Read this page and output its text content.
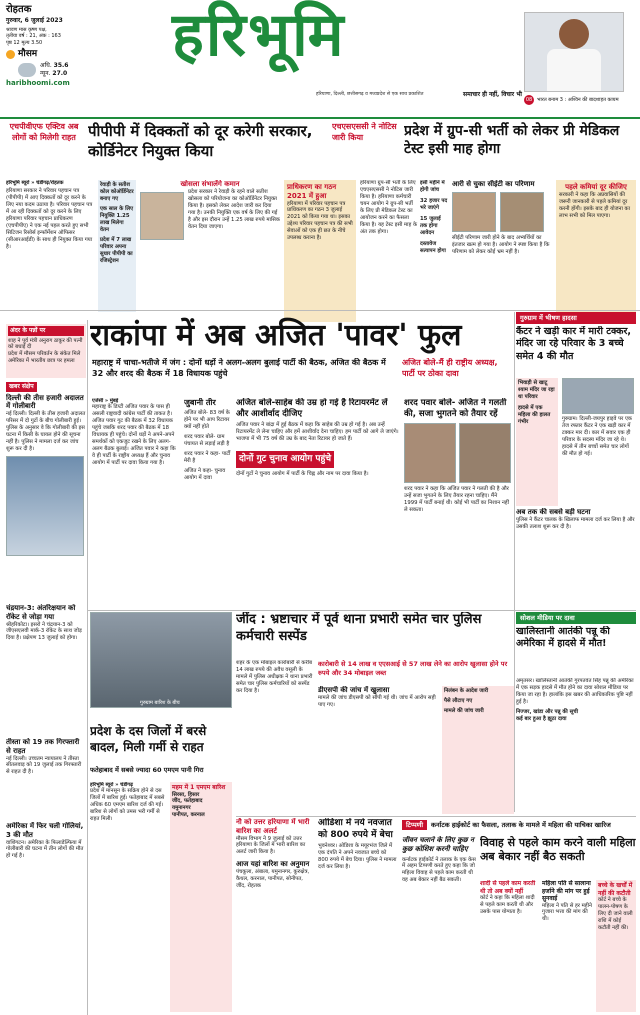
रोहतक
गुरुवार, 6 जुलाई 2023
श्रावण मास कृष्ण पक्ष,
तृतीया वर्ष : 21, अंक : 163
पृष्ठ 12 मूल्य 3.50
मौसम
अधि. 35.6
न्यून. 27.0
haribhoomi.com
हरिभूमि
हरियाणा, दिल्ली, छत्तीसगढ़ व मध्यप्रदेश से एक साथ प्रकाशित	समाचार ही नहीं, विचार भी
08 भारत बनाम 3 : अश्विन की बादशाहत कायम
एचपीवीएफ एक्टिव अब लोगों को मिलेगी राहत पीपीपी में दिक्कतों को दूर करेगी सरकार, कोर्डिनेटर नियुक्त किया
हरिभूमि ब्यूरो » चंडीगढ़/रोहतक
हरियाणा सरकार ने परिवार पहचान पत्र (पीपीपी) में आए दिक्कतों को दूर करने के लिए नया कदम उठाया है। परिवार पहचान पत्र में आ रही दिक्कतों को दूर करने के लिए हरियाणा परिवार पहचान प्राधिकरण (एचपीपीए) ने एक नई पहल करते हुए सभी सिटिजन रिसोर्स इन्फॉर्मेशन ऑफिसर (सीआरआईडी) के साथ ही नियुक्त किया गया है।
रेवाड़ी के सतीश कोल कोऑर्डिनेटर बनाए गए
एक साल के लिए नियुक्ति 1.25 लाख मिलेगा वेतन
प्रदेश में 7 लाख परिवार अपना सुधार पीपीपी का रजिस्ट्रेशन
खोसला संभालेंगे कमान
प्रदेश सरकार ने रेवाड़ी के रहने वाले सतीश खोसला को परियोजना का कोऑर्डिनेटर नियुक्त किया है। इसको लेकर आदेश जारी कर दिया गया है। उनकी नियुक्ति एक वर्ष के लिए की गई है और इस दौरान उन्हें 1.25 लाख रुपये मासिक वेतन दिया जाएगा।
प्राधिकरण का गठन 2021 में हुआ
हरियाणा में परिवार पहचान पत्र प्राधिकरण का गठन 3 जुलाई 2021 को किया गया था। इसका उद्देश्य परिवार पहचान पत्र की सभी सेवाओं को एक ही छत के नीचे उपलब्ध कराना है।
एचएसएससी ने नोटिस जारी किया	प्रदेश में ग्रुप-सी भर्ती को लेकर प्री मेडिकल टेस्ट इसी माह होगा
हरियाणा ग्रुप-सी भर्ती के लिए एचएसएससी ने नोटिस जारी किया है। हरियाणा कर्मचारी चयन आयोग ने ग्रुप-सी भर्ती के लिए प्री मेडिकल टेस्ट का आयोजन करने का फैसला किया है। यह टेस्ट इसी माह के अंत तक होगा।
इसी महीने में होगी जांच
32 हजार पद भरे जाएंगे
15 जुलाई तक होगा आवेदन
दस्तावेज सत्यापन होगा
आरी से चुका सीईटी का परिणाम
सीईटी परिणाम जारी होने के बाद अभ्यर्थियों का इंतजार खत्म हो गया है। आयोग ने स्पष्ट किया है कि परिणाम को लेकर कोई भ्रम नहीं है।
पहले कमियां दूर कीजिए
सरकारी ने कहा कि अप्रवासियों की जरूरी जानकारी से पहले कमियां दूर करनी होंगी। इसके बाद ही योजना का लाभ सभी को मिल पाएगा।
अंदर के पन्नों पर
शाह ने पूर्व मंत्री अनुराग ठाकुर की पत्नी को बधाई दी
प्रदेश में मौसम परिवर्तन के संकेत मिले
अमेरिका में भारतीय छात्र पर हमला
खबर संक्षेप
दिल्ली की तीस हजारी अदालत में गोलीबारी
नई दिल्ली। दिल्ली के तीस हजारी अदालत परिसर में दो गुटों के बीच गोलीबारी हुई। पुलिस के अनुसार वे कि गोलीबारी की इस घटना में किसी के घायल होने की सूचना नहीं है। पुलिस ने मामला दर्ज कर जांच शुरू कर दी है।
चंद्रयान-3: अंतरिक्षयान को रॉकेट से जोड़ा गया
श्रीहरिकोटा। इसरो ने चंद्रयान-3 को जीएसएलवी मार्क-3 रॉकेट के साथ जोड़ दिया है। प्रक्षेपण 13 जुलाई को होगा।
तीस्ता को 19 तक गिरफ्तारी से राहत
नई दिल्ली। उच्चतम न्यायालय ने तीस्ता सीतलवाड़ को 19 जुलाई तक गिरफ्तारी से राहत दी है।
अमेरिका में फिर चली गोलियां, 3 की मौत
वाशिंगटन। अमेरिका के फिलाडेल्फिया में गोलीबारी की घटना में तीन लोगों की मौत हो गई है।
राकांपा में अब अजित 'पावर' फुल
महाराष्ट्र में चाचा-भतीजे में जंग : दोनों धड़ों ने अलग-अलग बुलाई पार्टी की बैठक, अजित की बैठक में 32 और शरद की बैठक में 18 विधायक पहुंचे
अजित बोले-मैं ही राष्ट्रीय अध्यक्ष, पार्टी पर ठोका दावा
एजेंसी » मुंबई
महाराष्ट्र के डिप्टी अजित पवार के पास ही असली राष्ट्रवादी कांग्रेस पार्टी की ताकत है। अजित पवार गुट की बैठक में 32 विधायक पहुंचे जबकि शरद पवार की बैठक में 18 विधायक ही पहुंचे। दोनों धड़ों ने अपने-अपने समर्थकों को एकजुट रखने के लिए अलग-अलग बैठक बुलाई। अजित पवार ने कहा कि वे ही पार्टी के राष्ट्रीय अध्यक्ष हैं और चुनाव आयोग में पार्टी पर दावा किया गया है।
जुबानी तीर
अजित बोले- 83 वर्ष के होने पर भी आप रिटायर क्यों नहीं होते
शरद पवार बोले- ग्राम पंचायत से लड़ाई लड़ी है
शरद पवार ने कहा- पार्टी मेरी है
अजित ने कहा- चुनाव आयोग में दावा
अजित बोले-साहेब की उम्र हो गई है रिटायरमेंट लें और आशीर्वाद दीजिए
अजित पवार ने बांद्रा में हुई बैठक में कहा कि साहेब की उम्र हो गई है। अब उन्हें रिटायरमेंट ले लेना चाहिए और हमें आशीर्वाद देना चाहिए। हम पार्टी को आगे ले जाएंगे। भाजपा में भी 75 वर्ष की उम्र के बाद नेता रिटायर हो जाते हैं।
दोनों गुट चुनाव आयोग पहुंचे
दोनों गुटों ने चुनाव आयोग में पार्टी के चिह्न और नाम पर दावा किया है।
शरद पवार बोले- अजित ने गलती की, सजा भुगतने को तैयार रहें
शरद पवार ने कहा कि अजित पवार ने गलती की है और उन्हें सजा भुगतने के लिए तैयार रहना चाहिए। मैंने 1999 में पार्टी बनाई थी। कोई भी पार्टी का निशान नहीं ले सकता।
गुरुग्राम में भीषण हादसा
कैंटर ने खड़ी कार में मारी टक्कर, मंदिर जा रहे परिवार के 3 बच्चे समेत 4 की मौत
भिवाड़ी से खाटू श्याम मंदिर जा रहा था परिवार
हादसे में एक महिला की हालत गंभीर	गुरुग्राम। दिल्ली-जयपुर हाइवे पर एक तेज रफ्तार कैंटर ने एक खड़ी कार में टक्कर मार दी। कार में सवार एक ही परिवार के सदस्य मंदिर जा रहे थे। हादसे में तीन बच्चों समेत चार लोगों की मौत हो गई।
अब तक की सबसे बड़ी घटना
पुलिस ने कैंटर चालक के खिलाफ मामला दर्ज कर लिया है और उसकी तलाश शुरू कर दी है।
जींद : भ्रष्टाचार में पूर्व थाना प्रभारी समेत चार पुलिस कर्मचारी सस्पेंड
शहर के एक मोबाइल कारोबारी से करीब 14 लाख रुपये की अवैध वसूली के मामले में पुलिस अधीक्षक ने थाना प्रभारी समेत चार पुलिस कर्मचारियों को सस्पेंड कर दिया है।
कारोबारी से 14 लाख व एएसआई से 57 लाख लेने का आरोप खुलासा होने पर रुपये और 34 मोबाइल जब्त
डीएसपी की जांच में खुलासा
मामले की जांच डीएसपी को सौंपी गई थी। जांच में आरोप सही पाए गए।
निलंबन के आदेश जारी
पैसे लौटाए गए
मामले की जांच जारी
सोशल मीडिया पर दावा
खालिस्तानी आतंकी पन्नू की अमेरिका में हादसे में मौत!
अमृतसर। खालिस्तानी आतंकी गुरपतवंत सिंह पन्नू की अमेरिका में एक सड़क हादसे में मौत होने का दावा सोशल मीडिया पर किया जा रहा है। हालांकि इस खबर की आधिकारिक पुष्टि नहीं हुई है।
निज्जर, खांडा और पन्नू की सूची
कई बार हुआ है झूठा दावा
गुरुग्राम बारिश के बीच
प्रदेश के दस जिलों में बरसे बादल, मिली गर्मी से राहत
फतेहाबाद में सबसे ज्यादा 60 एमएम पानी गिरा
हरिभूमि ब्यूरो » चंडीगढ़
प्रदेश में मानसून के सक्रिय होने से दस जिलों में बारिश हुई। फतेहाबाद में सबसे अधिक 60 एमएम बारिश दर्ज की गई। बारिश से लोगों को उमस भरी गर्मी से राहत मिली।
महम में 1 एमएम बारिश
सिरसा, हिसार
जींद, फतेहाबाद
यमुनानगर
पानीपत, करनाल
नौ को उत्तर हरियाणा में भारी बारिश का अलर्ट
मौसम विभाग ने 9 जुलाई को उत्तर हरियाणा के जिलों में भारी बारिश का अलर्ट जारी किया है।
आज यहां बारिश का अनुमान
पंचकूला, अंबाला, यमुनानगर, कुरुक्षेत्र, कैथल, करनाल, पानीपत, सोनीपत, जींद, रोहतक
ओडिशा में नये नवजात को 800 रुपये में बेचा
भुवनेश्वर। ओडिशा के मयूरभंज जिले में एक दंपति ने अपने नवजात बच्चे को 800 रुपये में बेच दिया। पुलिस ने मामला दर्ज कर लिया है।
टिप्पणी	कर्नाटक हाईकोर्ट का फैसला, तलाक के मामले में महिला की याचिका खारिज
जीवन चलाने के लिए कुछ न कुछ कोशिश करनी चाहिए
कर्नाटक हाईकोर्ट ने तलाक के एक केस में अहम टिप्पणी करते हुए कहा कि जो महिला विवाह से पहले काम करती थी वह अब बेकार नहीं बैठ सकती।
विवाह से पहले काम करने वाली महिला अब बेकार नहीं बैठ सकती
शादी से पहले काम करती थी तो अब क्यों नहीं
कोर्ट ने कहा कि महिला शादी से पहले काम करती थी और उसके पास योग्यता है।
महिला पति से सालाना हर्जाने की मांग पर हुई सुनवाई
महिला ने पति से हर महीने गुजारा भत्ता की मांग की थी।
बच्चे के खर्चों में नहीं की कटौती
कोर्ट ने बच्चे के पालन-पोषण के लिए दी जाने वाली राशि में कोई कटौती नहीं की।
